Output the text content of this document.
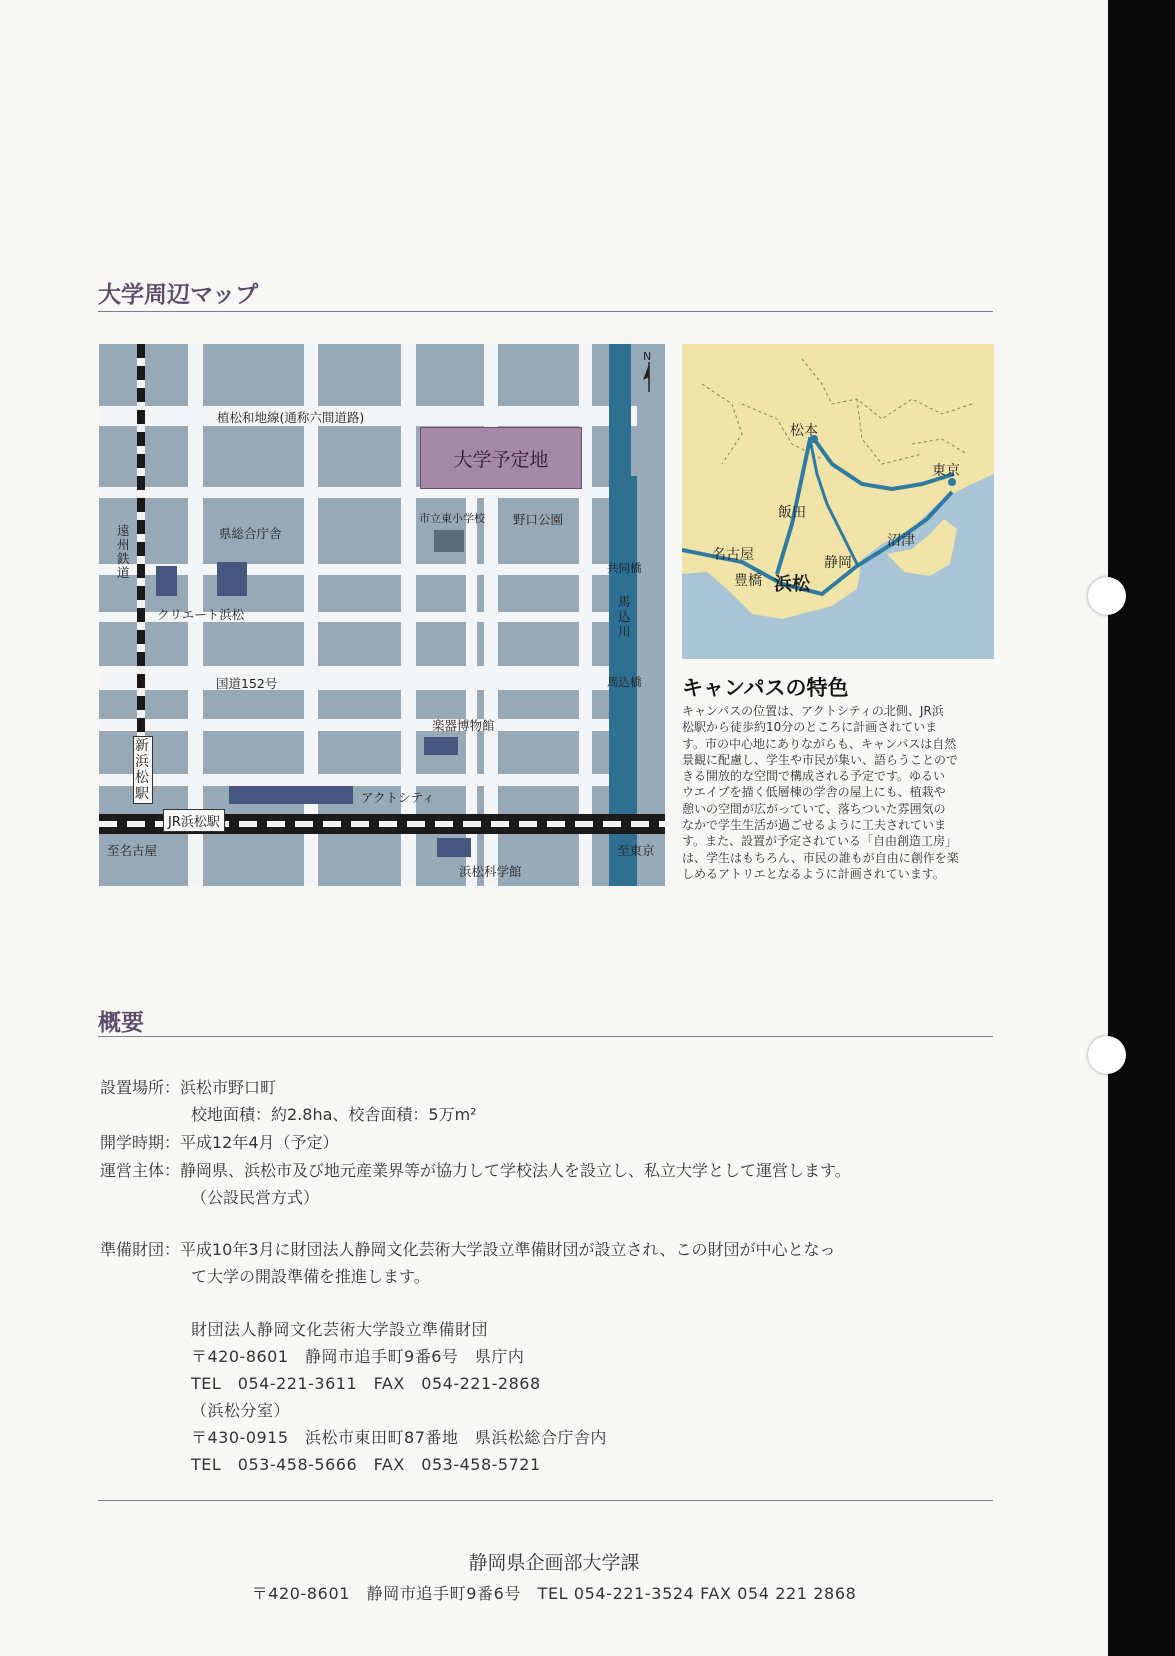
大学周辺マップ
大学予定地
植松和地線(通称六間道路)
市立東小学校 野口公園
県総合庁舎
遠州鉄道
クリエート浜松
共同橋
馬込川
国道152号	馬込橋
楽器博物館
新浜松駅	アクトシティ
JR浜松駅
至名古屋	至東京
浜松科学館
N
松本
東京
飯田
沼津
名古屋	静岡
豊橋 浜松
キャンパスの特色
キャンパスの位置は、アクトシティの北側、JR浜
松駅から徒歩約10分のところに計画されていま
す。市の中心地にありながらも、キャンパスは自然
景観に配慮し、学生や市民が集い、語らうことので
きる開放的な空間で構成される予定です。ゆるい
ウエイブを描く低層棟の学舎の屋上にも、植栽や
憩いの空間が広がっていて、落ちついた雰囲気の
なかで学生生活が過ごせるように工夫されていま
す。また、設置が予定されている「自由創造工房」
は、学生はもちろん、市民の誰もが自由に創作を楽
しめるアトリエとなるように計画されています。
概要
設置場所：浜松市野口町
校地面積：約2.8ha、校舎面積：5万m²
開学時期：平成12年4月（予定）
運営主体：静岡県、浜松市及び地元産業界等が協力して学校法人を設立し、私立大学として運営します。
（公設民営方式）
準備財団：平成10年3月に財団法人静岡文化芸術大学設立準備財団が設立され、この財団が中心となっ
て大学の開設準備を推進します。
財団法人静岡文化芸術大学設立準備財団
〒420-8601　静岡市追手町9番6号　県庁内
TEL　054-221-3611　FAX　054-221-2868
（浜松分室）
〒430-0915　浜松市東田町87番地　県浜松総合庁舎内
TEL　053-458-5666　FAX　053-458-5721
静岡県企画部大学課
〒420-8601　静岡市追手町9番6号　TEL 054-221-3524 FAX 054 221 2868
